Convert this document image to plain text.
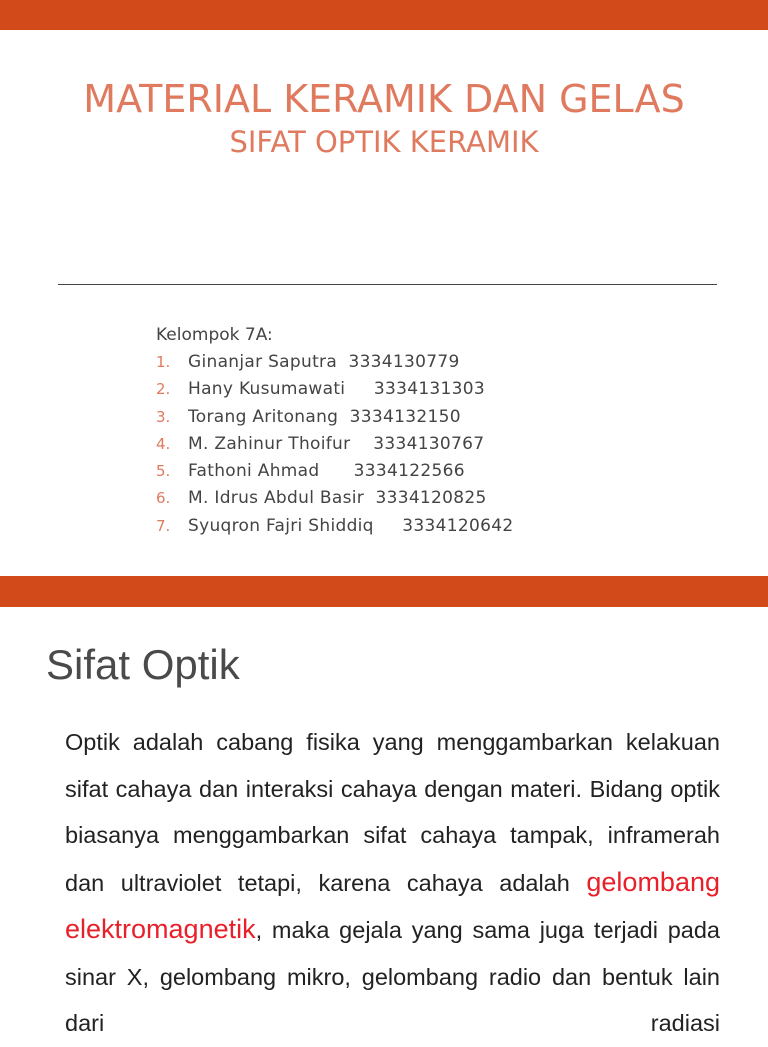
MATERIAL KERAMIK DAN GELAS
SIFAT OPTIK KERAMIK
Kelompok 7A:
1.	Ginanjar Saputra  3334130779
2.	Hany Kusumawati     3334131303
3.	Torang Aritonang  3334132150
4.	M. Zahinur Thoifur    3334130767
5.	Fathoni Ahmad      3334122566
6.	M. Idrus Abdul Basir  3334120825
7.	Syuqron Fajri Shiddiq     3334120642
Sifat Optik

Optik adalah cabang fisika yang menggambarkan kelakuan sifat cahaya dan interaksi cahaya dengan materi. Bidang optik biasanya menggambarkan sifat cahaya tampak, inframerah dan ultraviolet tetapi, karena cahaya adalah gelombang elektromagnetik, maka gejala yang sama juga terjadi pada sinar X, gelombang mikro, gelombang radio dan bentuk lain dari radiasi
